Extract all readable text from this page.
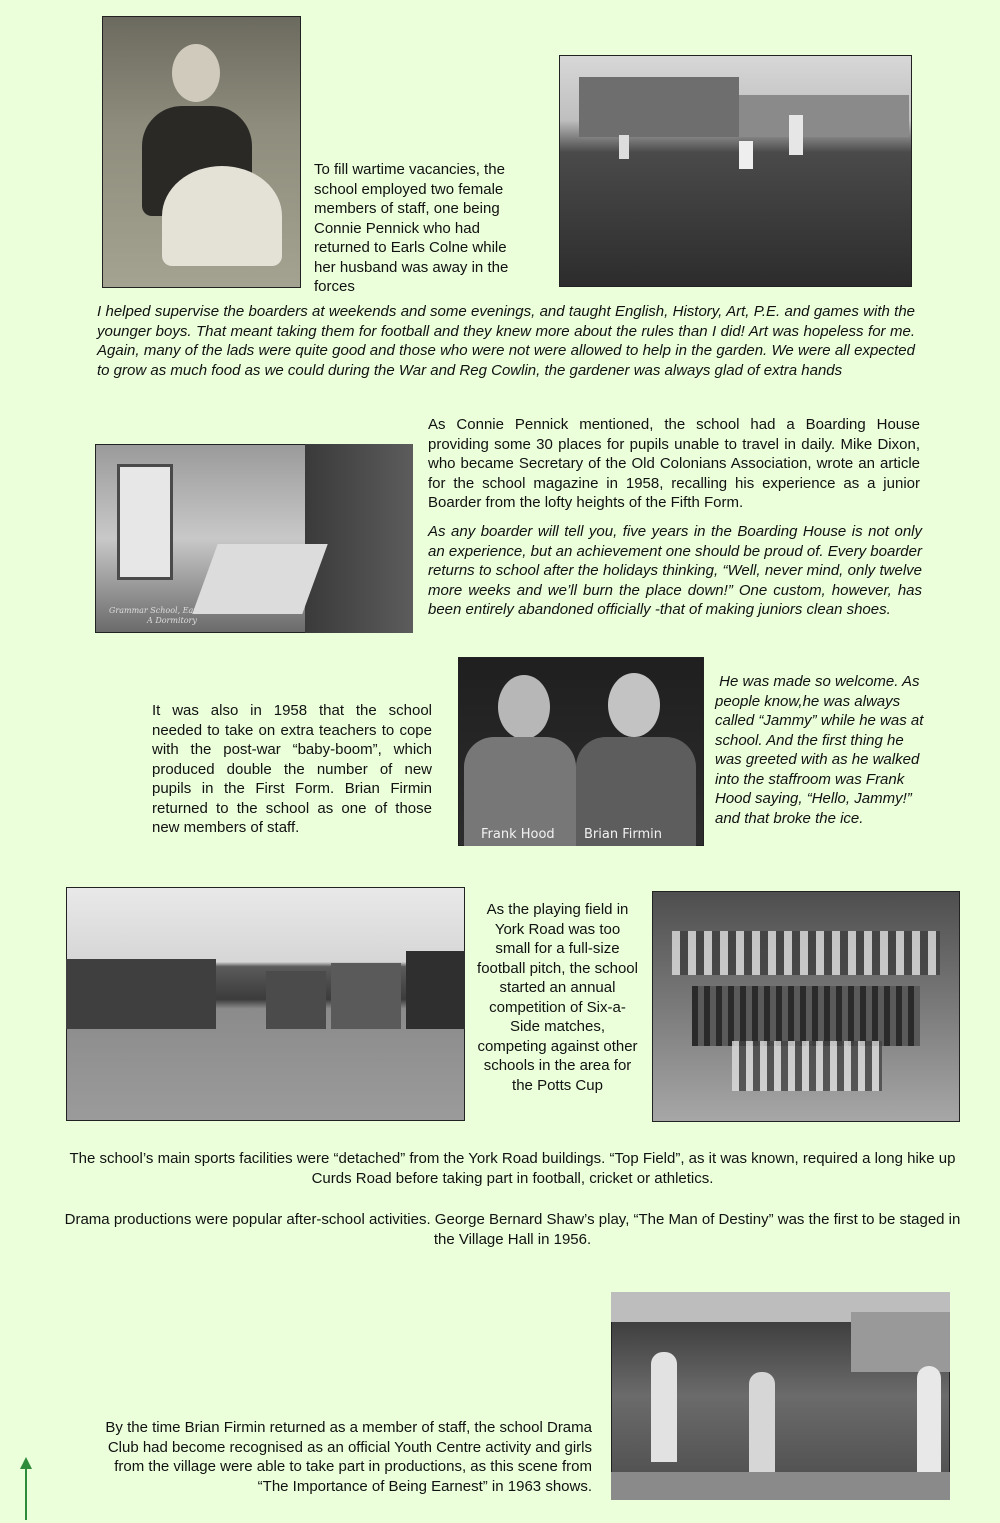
To fill wartime vacancies, the school employed two female members of staff, one being Connie Pennick who had returned to Earls Colne while her husband was away in the forces

I helped supervise the boarders at weekends and some evenings, and taught English, History, Art, P.E. and games with the younger boys. That meant taking them for football and they knew more about the rules than I did! Art was hopeless for me. Again, many of the lads were quite good and those who were not were allowed to help in the garden. We were all expected to grow as much food as we could during the War and Reg Cowlin, the gardener was always glad of extra hands

Grammar School, Earls Colne
A Dormitory

As Connie Pennick mentioned, the school had a Boarding House providing some 30 places for pupils unable to travel in daily. Mike Dixon, who became Secretary of the Old Colonians Association, wrote an article for the school magazine in 1958, recalling his experience as a junior Boarder from the lofty heights of the Fifth Form.

As any boarder will tell you, five years in the Boarding House is not only an experience, but an achievement one should be proud of. Every boarder returns to school after the holidays thinking, “Well, never mind, only twelve more weeks and we’ll burn the place down!” One custom, however, has been entirely abandoned officially -that of making juniors clean shoes.

It was also in 1958 that the school needed to take on extra teachers to cope with the post-war “baby-boom”, which produced double the number of new pupils in the First Form. Brian Firmin returned to the school as one of those new members of staff.	Frank Hood Brian Firmin

He was made so welcome. As people know,he was always called “Jammy” while he was at school. And the first thing he was greeted with as he walked into the staffroom was Frank Hood saying, “Hello, Jammy!” and that broke the ice.

As the playing field in York Road was too small for a full-size football pitch, the school started an annual competition of Six-a-Side matches, competing against other schools in the area for the Potts Cup

The school’s main sports facilities were “detached” from the York Road buildings. “Top Field”, as it was known, required a long hike up Curds Road before taking part in football, cricket or athletics.

Drama productions were popular after-school activities. George Bernard Shaw’s play, “The Man of Destiny” was the first to be staged in the Village Hall in 1956.

By the time Brian Firmin returned as a member of staff, the school Drama Club had become recognised as an official Youth Centre activity and girls from the village were able to take part in productions, as this scene from “The Importance of Being Earnest” in 1963 shows.
